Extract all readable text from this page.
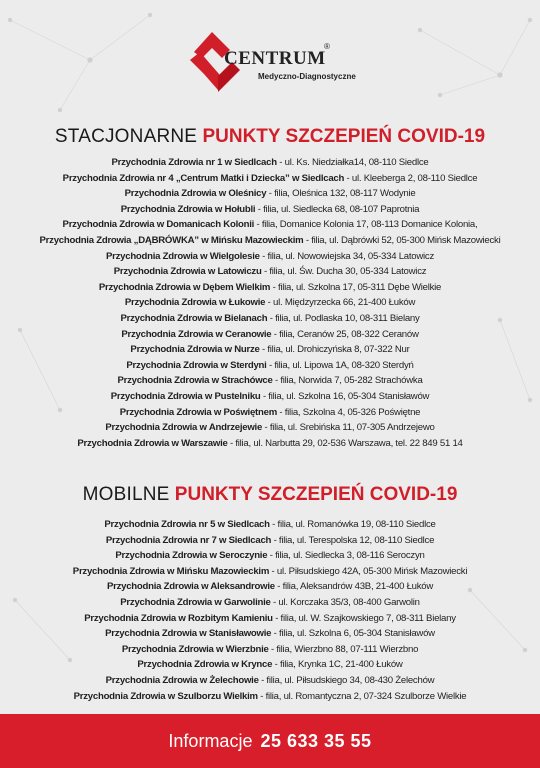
CENTRUM
®
Medyczno-Diagnostyczne
STACJONARNE PUNKTY SZCZEPIEŃ COVID-19
Przychodnia Zdrowia nr 1 w Siedlcach - ul. Ks. Niedziałka14, 08-110 Siedlce
Przychodnia Zdrowia nr 4 „Centrum Matki i Dziecka” w Siedlcach - ul. Kleeberga 2, 08-110 Siedlce
Przychodnia Zdrowia w Oleśnicy - filia, Oleśnica 132, 08-117 Wodynie
Przychodnia Zdrowia w Hołubli - filia, ul. Siedlecka 68, 08-107 Paprotnia
Przychodnia Zdrowia w Domanicach Kolonii - filia, Domanice Kolonia 17, 08-113 Domanice Kolonia,
Przychodnia Zdrowia „DĄBRÓWKA” w Mińsku Mazowieckim - filia, ul. Dąbrówki 52, 05-300 Mińsk Mazowiecki
Przychodnia Zdrowia w Wielgolesie - filia, ul. Nowowiejska 34, 05-334 Latowicz
Przychodnia Zdrowia w Latowiczu - filia, ul. Św. Ducha 30, 05-334 Latowicz
Przychodnia Zdrowia w Dębem Wielkim - filia, ul. Szkolna 17, 05-311 Dębe Wielkie
Przychodnia Zdrowia w Łukowie - ul. Międzyrzecka 66, 21-400 Łuków
Przychodnia Zdrowia w Bielanach - filia, ul. Podlaska 10, 08-311 Bielany
Przychodnia Zdrowia w Ceranowie - filia, Ceranów 25, 08-322 Ceranów
Przychodnia Zdrowia w Nurze - filia, ul. Drohiczyńska 8, 07-322 Nur
Przychodnia Zdrowia w Sterdyni - filia, ul. Lipowa 1A, 08-320 Sterdyń
Przychodnia Zdrowia w Strachówce - filia, Norwida 7, 05-282 Strachówka
Przychodnia Zdrowia w Pustelniku - filia, ul. Szkolna 16, 05-304 Stanisławów
Przychodnia Zdrowia w Poświętnem - filia, Szkolna 4, 05-326 Poświętne
Przychodnia Zdrowia w Andrzejewie - filia, ul. Srebińska 11, 07-305 Andrzejewo
Przychodnia Zdrowia w Warszawie - filia, ul. Narbutta 29, 02-536 Warszawa, tel. 22 849 51 14
MOBILNE PUNKTY SZCZEPIEŃ COVID-19
Przychodnia Zdrowia nr 5 w Siedlcach - filia, ul. Romanówka 19, 08-110 Siedlce
Przychodnia Zdrowia nr 7 w Siedlcach - filia, ul. Terespolska 12, 08-110 Siedlce
Przychodnia Zdrowia w Seroczynie - filia, ul. Siedlecka 3, 08-116 Seroczyn
Przychodnia Zdrowia w Mińsku Mazowieckim - ul. Piłsudskiego 42A, 05-300 Mińsk Mazowiecki
Przychodnia Zdrowia w Aleksandrowie - filia, Aleksandrów 43B, 21-400 Łuków
Przychodnia Zdrowia w Garwolinie - ul. Korczaka 35/3, 08-400 Garwolin
Przychodnia Zdrowia w Rozbitym Kamieniu - filia, ul. W. Szajkowskiego 7, 08-311 Bielany
Przychodnia Zdrowia w Stanisławowie - filia, ul. Szkolna 6, 05-304 Stanisławów
Przychodnia Zdrowia w Wierzbnie - filia, Wierzbno 88, 07-111 Wierzbno
Przychodnia Zdrowia w Krynce - filia, Krynka 1C, 21-400 Łuków
Przychodnia Zdrowia w Żelechowie - filia, ul. Piłsudskiego 34, 08-430 Żelechów
Przychodnia Zdrowia w Szulborzu Wielkim - filia, ul. Romantyczna 2, 07-324 Szulborze Wielkie
Informacje 25 633 35 55
